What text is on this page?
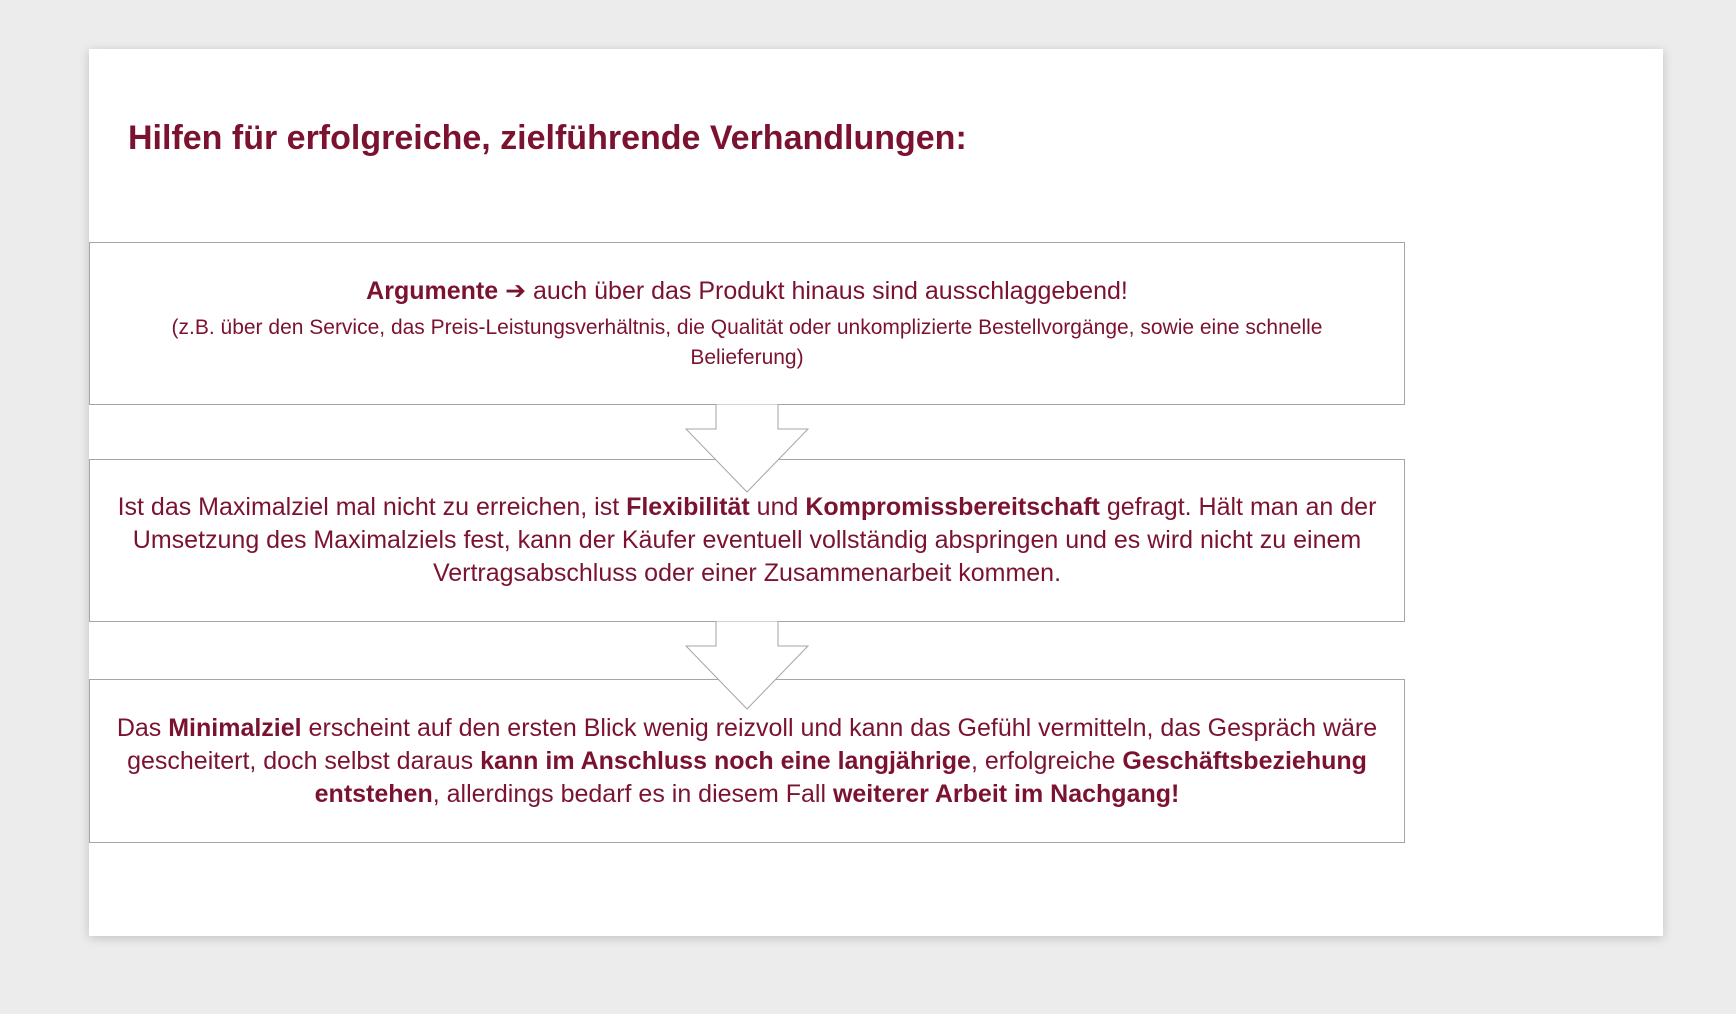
Hilfen für erfolgreiche, zielführende Verhandlungen:
Argumente ➔ auch über das Produkt hinaus sind ausschlaggebend!
(z.B. über den Service, das Preis-Leistungsverhältnis, die Qualität oder unkomplizierte Bestellvorgänge, sowie eine schnelle Belieferung)
Ist das Maximalziel mal nicht zu erreichen, ist Flexibilität und Kompromissbereitschaft gefragt. Hält man an der Umsetzung des Maximalziels fest, kann der Käufer eventuell vollständig abspringen und es wird nicht zu einem Vertragsabschluss oder einer Zusammenarbeit kommen.
Das Minimalziel erscheint auf den ersten Blick wenig reizvoll und kann das Gefühl vermitteln, das Gespräch wäre gescheitert, doch selbst daraus kann im Anschluss noch eine langjährige, erfolgreiche Geschäftsbeziehung entstehen, allerdings bedarf es in diesem Fall weiterer Arbeit im Nachgang!
